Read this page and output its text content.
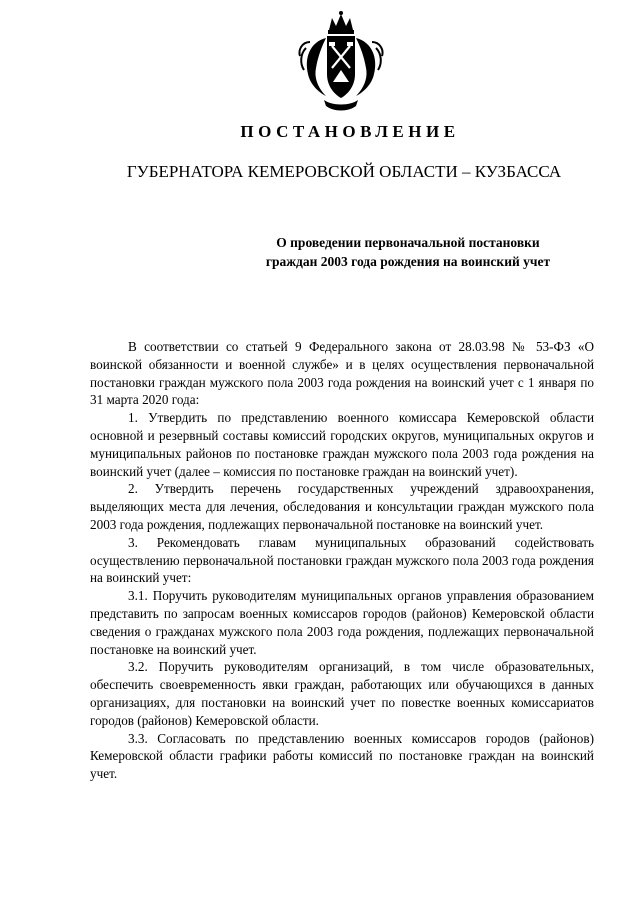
ПОСТАНОВЛЕНИЕ
ГУБЕРНАТОРА КЕМЕРОВСКОЙ ОБЛАСТИ – КУЗБАССА
О проведении первоначальной постановки
граждан 2003 года рождения на воинский учет

В соответствии со статьей 9 Федерального закона от 28.03.98 № 53-ФЗ «О воинской обязанности и военной службе» и в целях осуществления первоначальной постановки граждан мужского пола 2003 года рождения на воинский учет с 1 января по 31 марта 2020 года:

1. Утвердить по представлению военного комиссара Кемеровской области основной и резервный составы комиссий городских округов, муниципальных округов и муниципальных районов по постановке граждан мужского пола 2003 года рождения на воинский учет (далее – комиссия по постановке граждан на воинский учет).

2. Утвердить перечень государственных учреждений здравоохранения, выделяющих места для лечения, обследования и консультации граждан мужского пола 2003 года рождения, подлежащих первоначальной постановке на воинский учет.

3. Рекомендовать главам муниципальных образований содействовать осуществлению первоначальной постановки граждан мужского пола 2003 года рождения на воинский учет:

3.1. Поручить руководителям муниципальных органов управления образованием представить по запросам военных комиссаров городов (районов) Кемеровской области сведения о гражданах мужского пола 2003 года рождения, подлежащих первоначальной постановке на воинский учет.

3.2. Поручить руководителям организаций, в том числе образовательных, обеспечить своевременность явки граждан, работающих или обучающихся в данных организациях, для постановки на воинский учет по повестке военных комиссариатов городов (районов) Кемеровской области.

3.3. Согласовать по представлению военных комиссаров городов (районов) Кемеровской области графики работы комиссий по постановке граждан на воинский учет.
